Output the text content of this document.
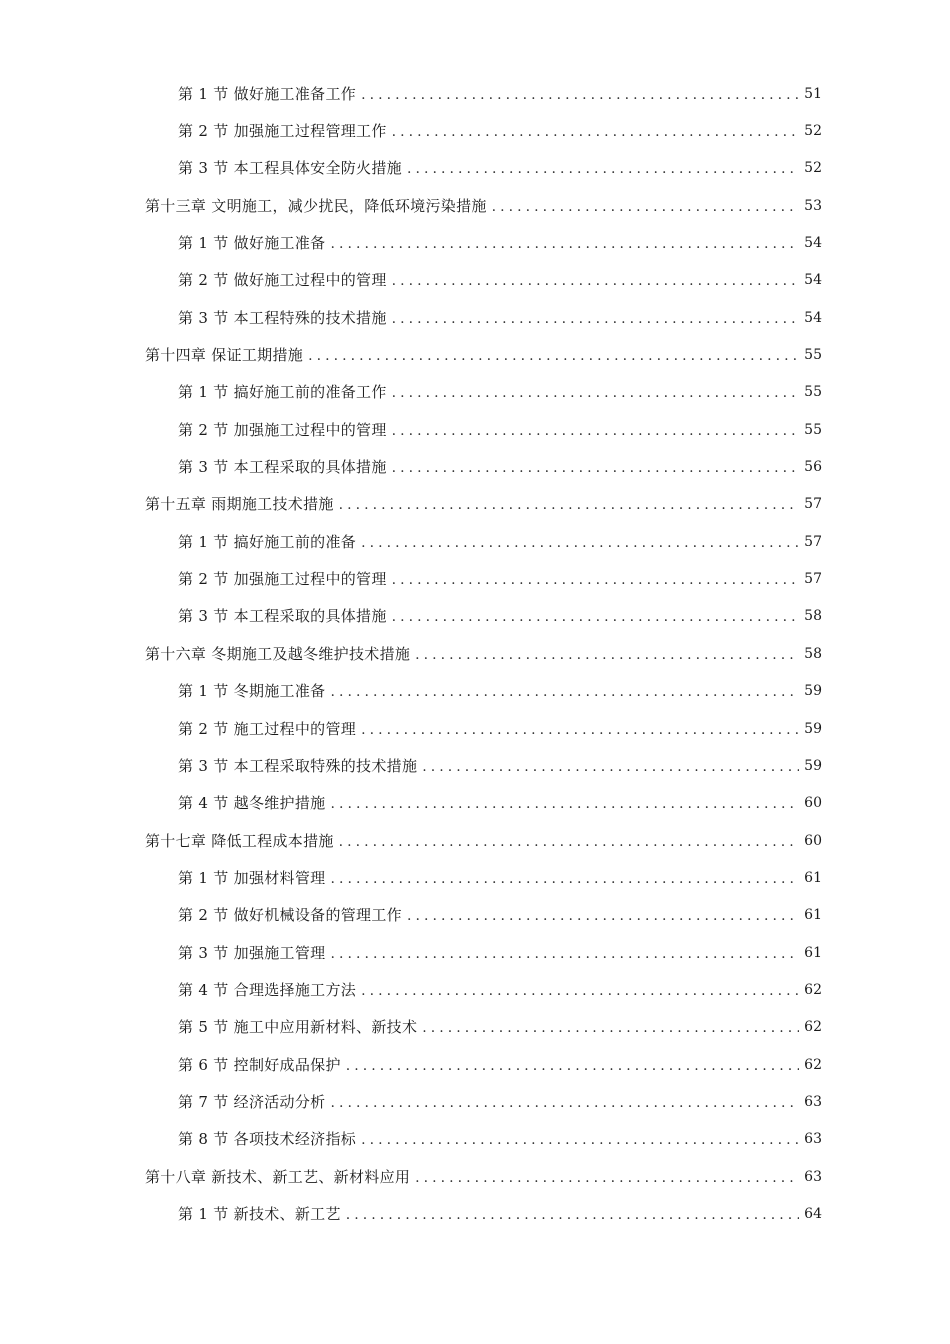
第 1 节 做好施工准备工作 . . .	51
第 2 节 加强施工过程管理工作 . . .	52
第 3 节 本工程具体安全防火措施 . . .	52
第十三章 文明施工，减少扰民，降低环境污染措施 . . .	53
第 1 节 做好施工准备 . . .	54
第 2 节 做好施工过程中的管理 . . .	54
第 3 节 本工程特殊的技术措施 . . .	54
第十四章 保证工期措施 . . .	55
第 1 节 搞好施工前的准备工作 . . .	55
第 2 节 加强施工过程中的管理 . . .	55
第 3 节 本工程采取的具体措施 . . .	56
第十五章 雨期施工技术措施 . . .	57
第 1 节 搞好施工前的准备 . . .	57
第 2 节 加强施工过程中的管理 . . .	57
第 3 节 本工程采取的具体措施 . . .	58
第十六章 冬期施工及越冬维护技术措施 . . .	58
第 1 节 冬期施工准备 . . .	59
第 2 节 施工过程中的管理 . . .	59
第 3 节 本工程采取特殊的技术措施 . . .	59
第 4 节 越冬维护措施 . . .	60
第十七章 降低工程成本措施 . . .	60
第 1 节 加强材料管理 . . .	61
第 2 节 做好机械设备的管理工作 . . .	61
第 3 节 加强施工管理 . . .	61
第 4 节 合理选择施工方法 . . .	62
第 5 节 施工中应用新材料、新技术 . . .	62
第 6 节 控制好成品保护 . . .	62
第 7 节 经济活动分析 . . .	63
第 8 节 各项技术经济指标 . . .	63
第十八章 新技术、新工艺、新材料应用 . . .	63
第 1 节 新技术、新工艺 . . .	64
